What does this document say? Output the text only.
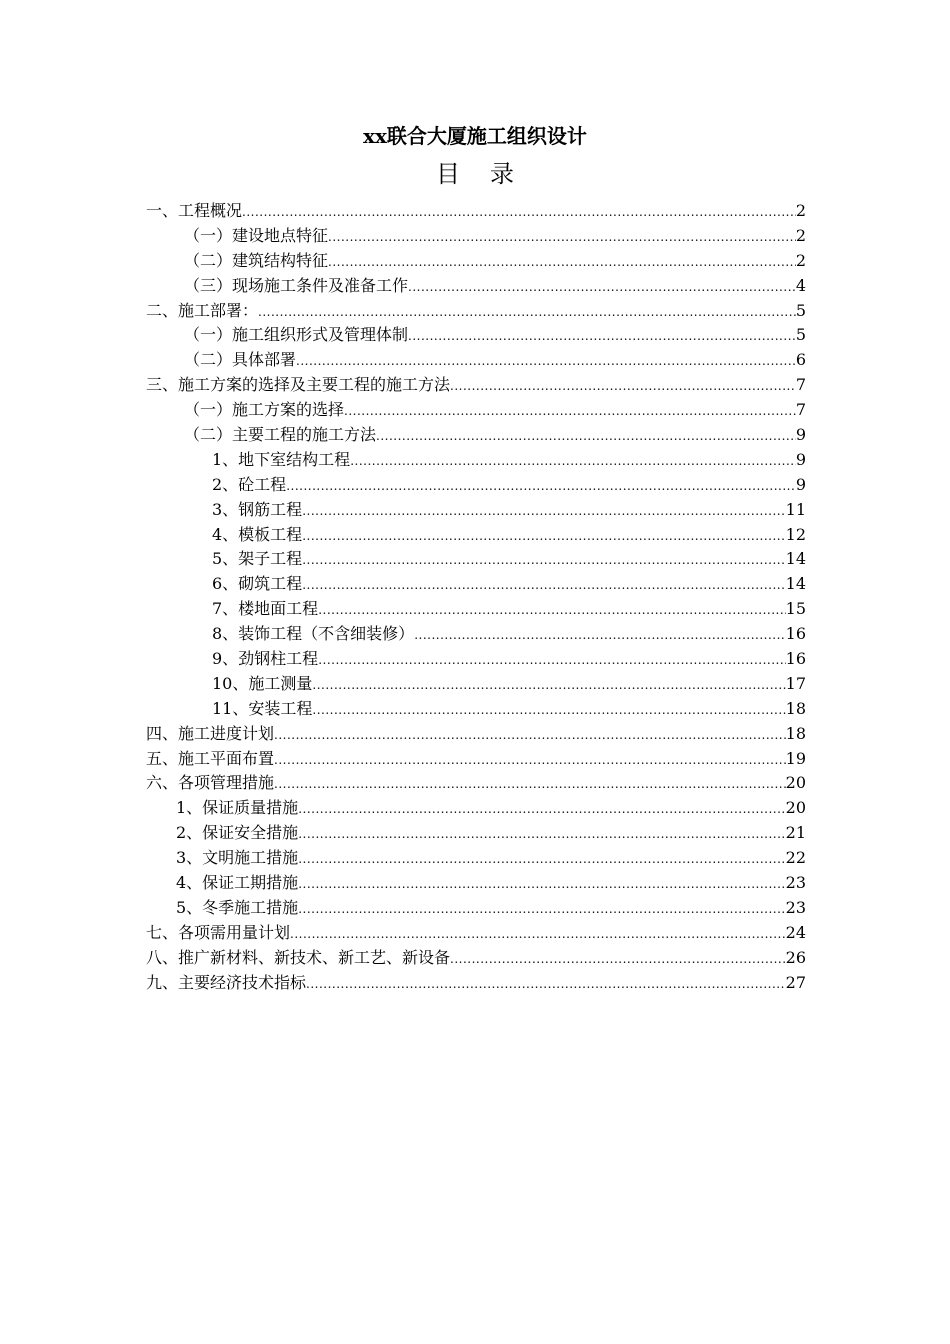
xx联合大厦施工组织设计
目录
一、工程概况 .....	2
（一）建设地点特征 .....	2
（二）建筑结构特征 .....	2
（三）现场施工条件及准备工作 .....	4
二、施工部署： .....	5
（一）施工组织形式及管理体制 .....	5
（二）具体部署 .....	6
三、施工方案的选择及主要工程的施工方法 .....	7
（一）施工方案的选择 .....	7
（二）主要工程的施工方法 .....	9
1、地下室结构工程 .....	9
2、砼工程 .....	9
3、钢筋工程 .....	11
4、模板工程 .....	12
5、架子工程 .....	14
6、砌筑工程 .....	14
7、楼地面工程 .....	15
8、装饰工程（不含细装修） .....	16
9、劲钢柱工程 .....	16
10、施工测量 .....	17
11、安装工程 .....	18
四、施工进度计划 .....	18
五、施工平面布置 .....	19
六、各项管理措施 .....	20
1、保证质量措施 .....	20
2、保证安全措施 .....	21
3、文明施工措施 .....	22
4、保证工期措施 .....	23
5、冬季施工措施 .....	23
七、各项需用量计划 .....	24
八、推广新材料、新技术、新工艺、新设备 .....	26
九、主要经济技术指标 .....	27
